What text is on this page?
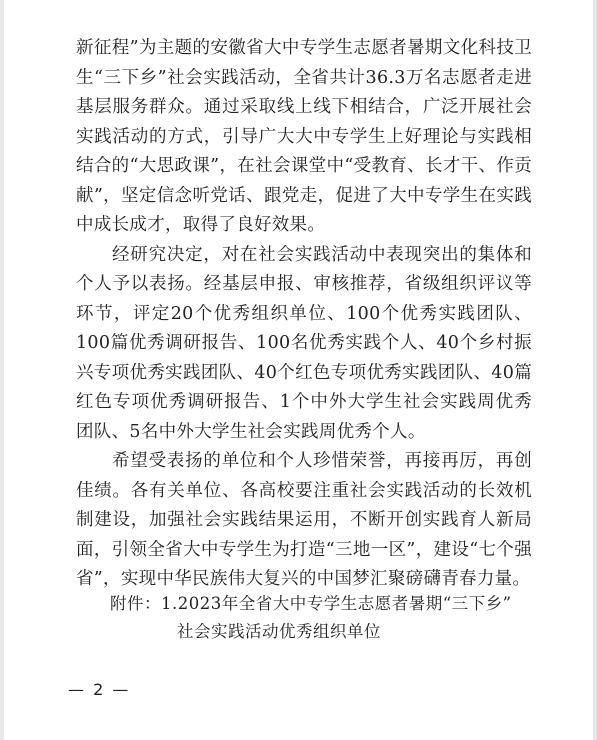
新征程”为主题的安徽省大中专学生志愿者暑期文化科技卫生“三下乡”社会实践活动，全省共计36.3万名志愿者走进基层服务群众。通过采取线上线下相结合，广泛开展社会实践活动的方式，引导广大大中专学生上好理论与实践相结合的“大思政课”，在社会课堂中“受教育、长才干、作贡献”，坚定信念听党话、跟党走，促进了大中专学生在实践中成长成才，取得了良好效果。

经研究决定，对在社会实践活动中表现突出的集体和个人予以表扬。经基层申报、审核推荐，省级组织评议等环节，评定20个优秀组织单位、100个优秀实践团队、100篇优秀调研报告、100名优秀实践个人、40个乡村振兴专项优秀实践团队、40个红色专项优秀实践团队、40篇红色专项优秀调研报告、1个中外大学生社会实践周优秀团队、5名中外大学生社会实践周优秀个人。

希望受表扬的单位和个人珍惜荣誉，再接再厉，再创佳绩。各有关单位、各高校要注重社会实践活动的长效机制建设，加强社会实践结果运用，不断开创实践育人新局面，引领全省大中专学生为打造“三地一区”，建设“七个强省”，实现中华民族伟大复兴的中国梦汇聚磅礴青春力量。

附件：1.2023年全省大中专学生志愿者暑期“三下乡”
社会实践活动优秀组织单位
— 2 —
